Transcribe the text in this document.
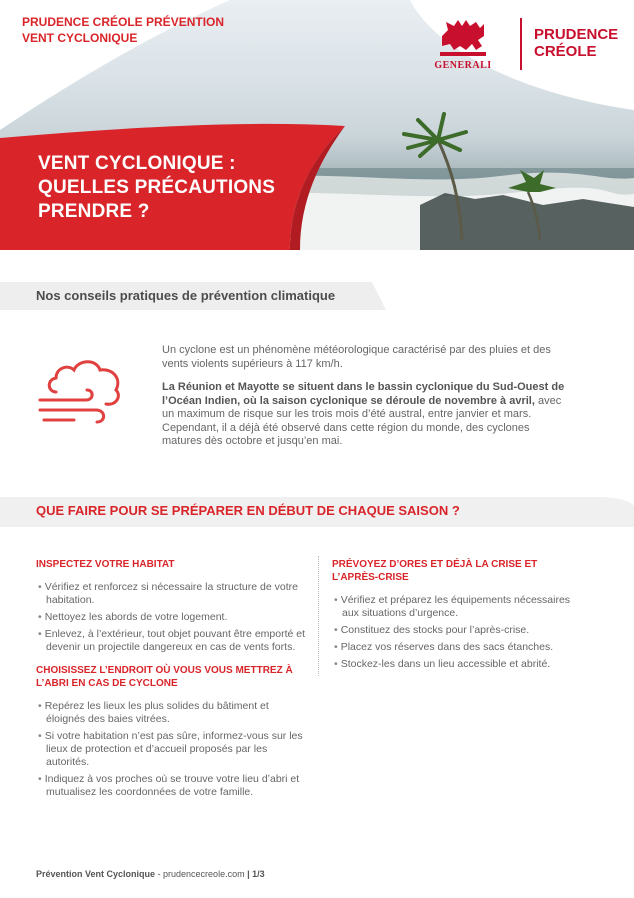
PRUDENCE CRÉOLE PRÉVENTION
VENT CYCLONIQUE
GENERALI
PRUDENCE
CRÉOLE
VENT CYCLONIQUE :
QUELLES PRÉCAUTIONS
PRENDRE ?
Nos conseils pratiques de prévention climatique

Un cyclone est un phénomène météorologique caractérisé par des pluies et des vents violents supérieurs à 117 km/h.

La Réunion et Mayotte se situent dans le bassin cyclonique du Sud-Ouest de l’Océan Indien, où la saison cyclonique se déroule de novembre à avril, avec un maximum de risque sur les trois mois d’été austral, entre janvier et mars. Cependant, il a déjà été observé dans cette région du monde, des cyclones matures dès octobre et jusqu’en mai.

QUE FAIRE POUR SE PRÉPARER EN DÉBUT DE CHAQUE SAISON ?
INSPECTEZ VOTRE HABITAT
• Vérifiez et renforcez si nécessaire la structure de votre habitation.
• Nettoyez les abords de votre logement.
• Enlevez, à l’extérieur, tout objet pouvant être emporté et devenir un projectile dangereux en cas de vents forts.
CHOISISSEZ L’ENDROIT OÙ VOUS VOUS METTREZ À L’ABRI EN CAS DE CYCLONE
• Repérez les lieux les plus solides du bâtiment et éloignés des baies vitrées.
• Si votre habitation n’est pas sûre, informez-vous sur les lieux de protection et d’accueil proposés par les autorités.
• Indiquez à vos proches où se trouve votre lieu d’abri et mutualisez les coordonnées de votre famille.
PRÉVOYEZ D’ORES ET DÉJÀ LA CRISE ET L’APRÈS-CRISE
• Vérifiez et préparez les équipements nécessaires aux situations d’urgence.
• Constituez des stocks pour l’après-crise.
• Placez vos réserves dans des sacs étanches.
• Stockez-les dans un lieu accessible et abrité.
Prévention Vent Cyclonique - prudencecreole.com | 1/3
